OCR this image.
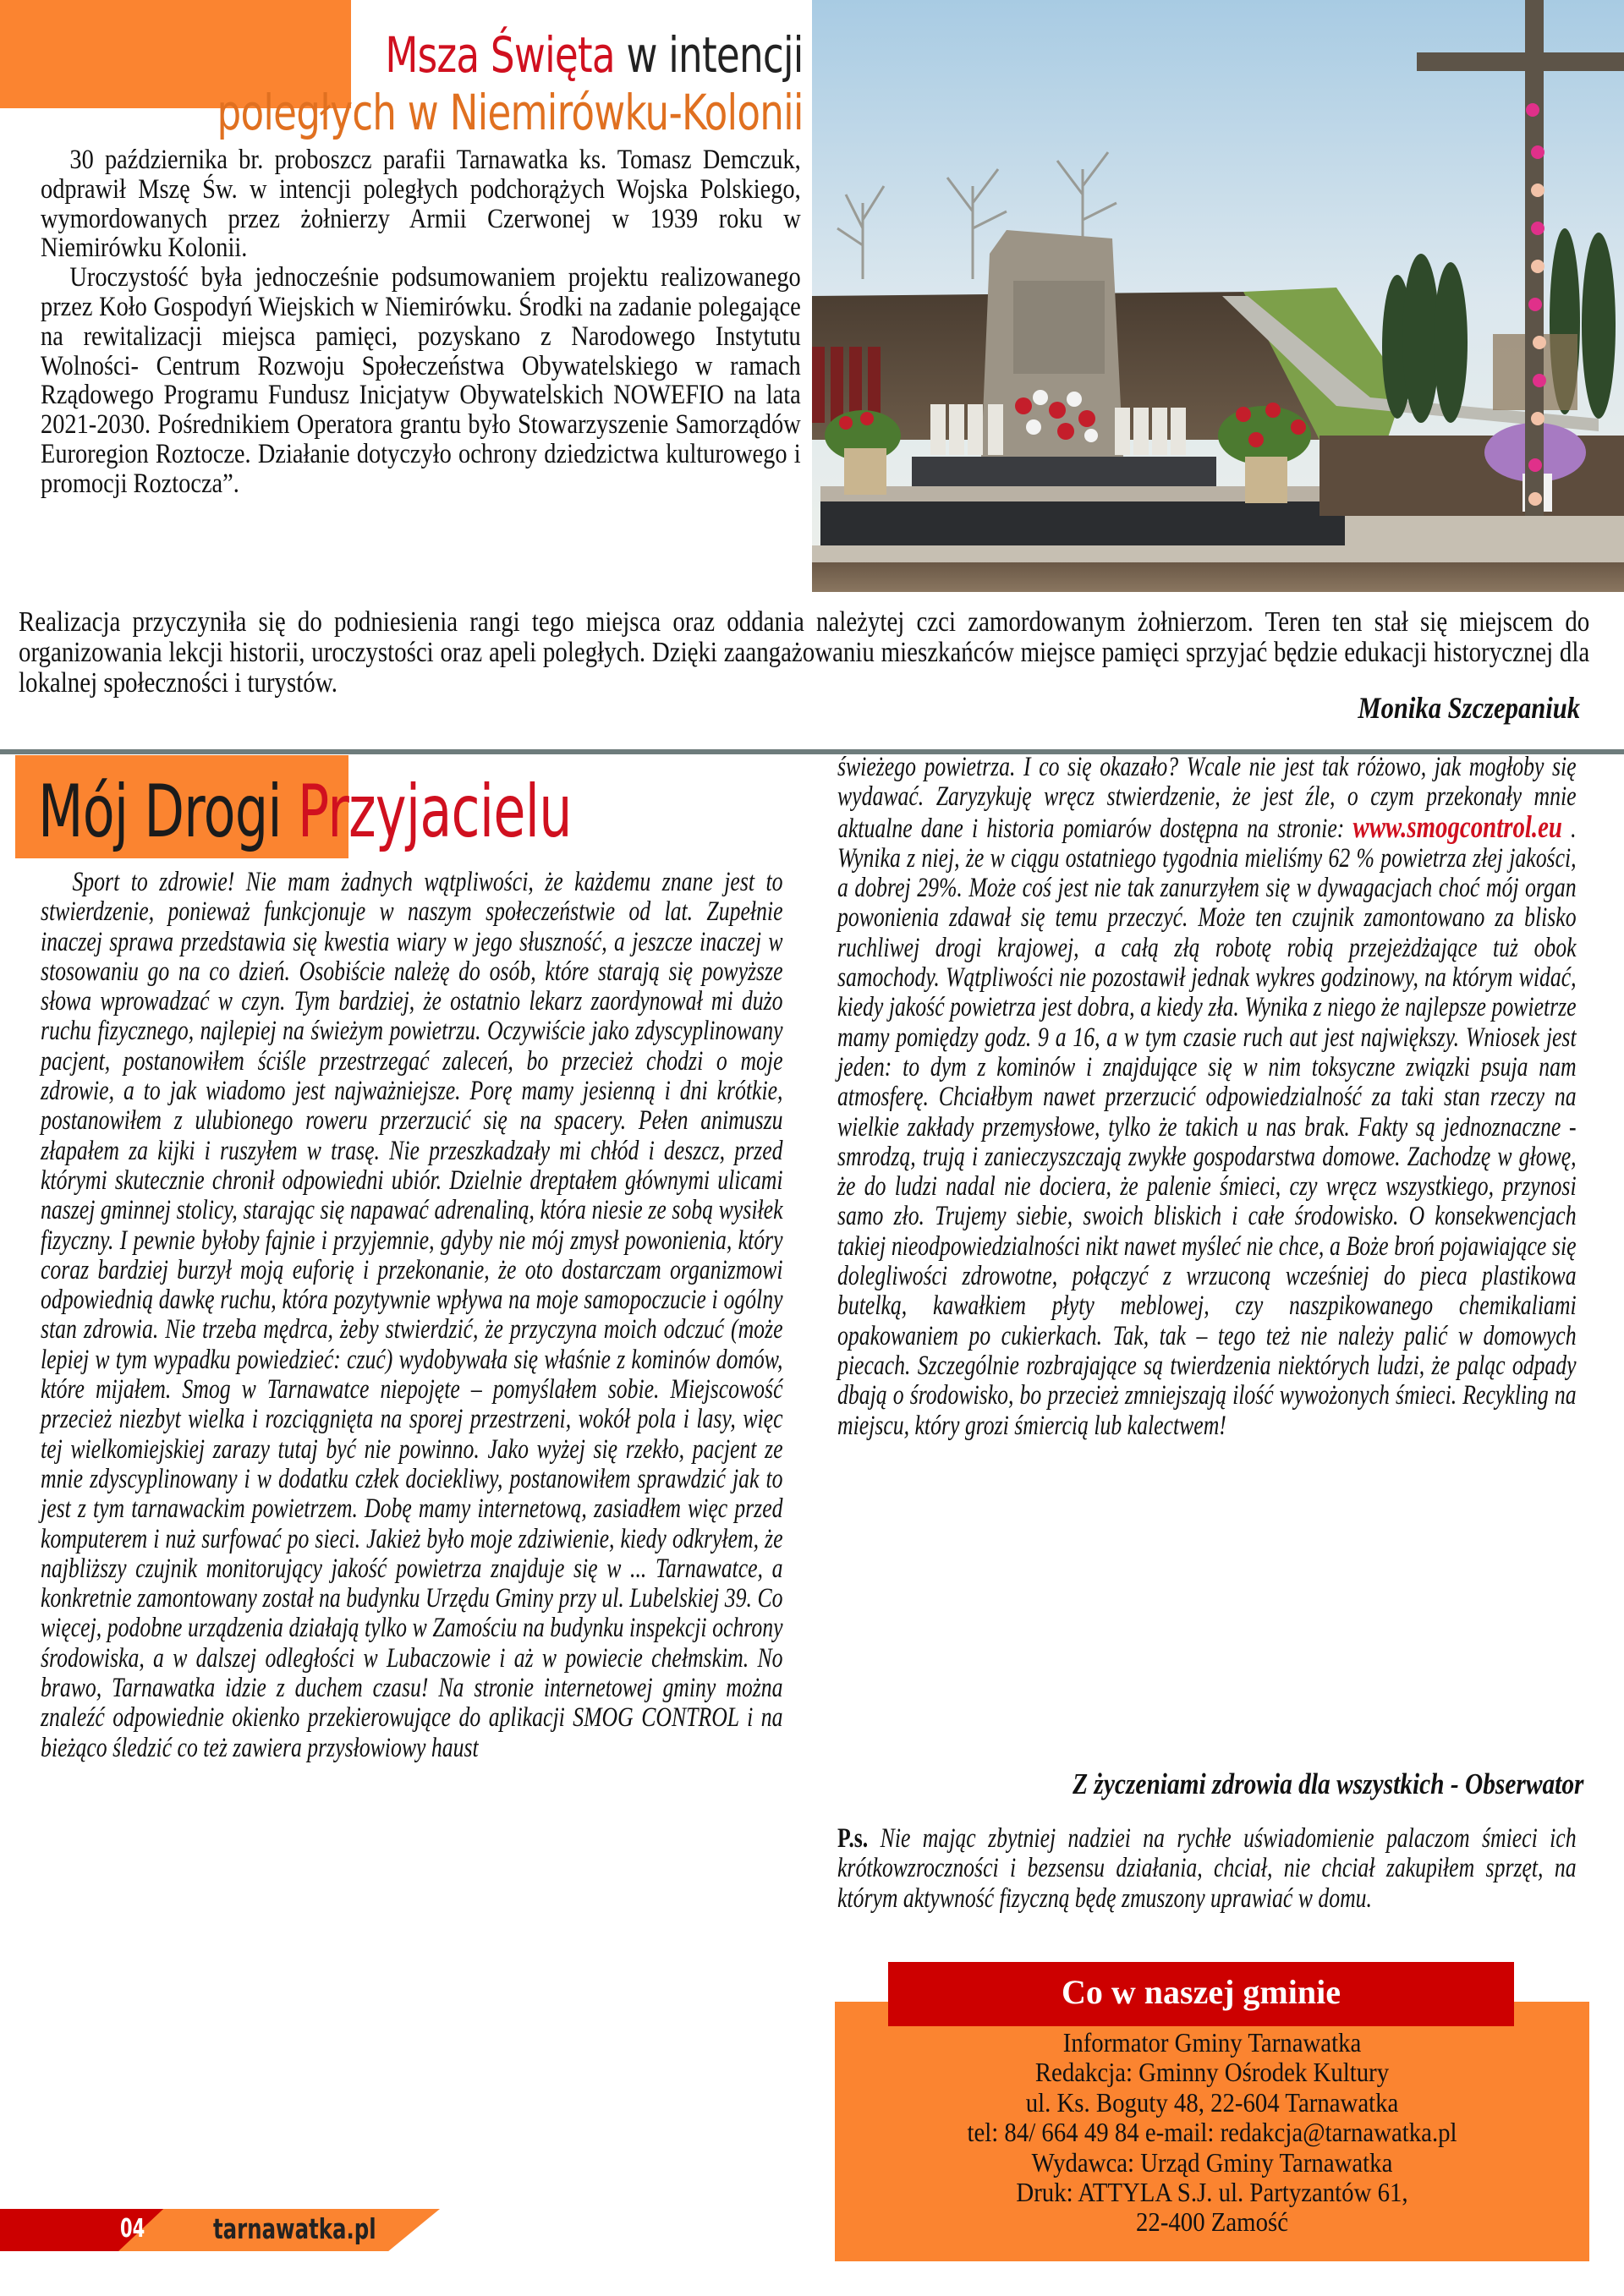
Msza Święta w intencji
poległych w Niemirówku-Kolonii

30 października br. proboszcz parafii Tarnawatka ks. Tomasz Demczuk, odprawił Mszę Św. w intencji poległych podchorążych Wojska Polskiego, wymordowanych przez żołnierzy Armii Czerwonej w 1939 roku w Niemirówku Kolonii.

Uroczystość była jednocześnie podsumowaniem projektu realizowanego przez Koło Gospodyń Wiejskich w Niemirówku. Środki na zadanie polegające na rewitalizacji miejsca pamięci, pozyskano z Narodowego Instytutu Wolności- Centrum Rozwoju Społeczeństwa Obywatelskiego w ramach Rządowego Programu Fundusz Inicjatyw Obywatelskich NOWEFIO na lata 2021-2030. Pośrednikiem Operatora grantu było Stowarzyszenie Samorządów Euroregion Roztocze. Działanie dotyczyło ochrony dziedzictwa kulturowego i promocji Roztocza”.

Realizacja przyczyniła się do podniesienia rangi tego miejsca oraz oddania należytej czci zamordowanym żołnierzom. Teren ten stał się miejscem do organizowania lekcji historii, uroczystości oraz apeli poległych. Dzięki zaangażowaniu mieszkańców miejsce pamięci sprzyjać będzie edukacji historycznej dla lokalnej społeczności i turystów.
Monika Szczepaniuk
Mój Drogi Przyjacielu

Sport to zdrowie! Nie mam żadnych wątpliwości, że każdemu znane jest to stwierdzenie, ponieważ funkcjonuje w naszym społeczeństwie od lat. Zupełnie inaczej sprawa przedstawia się kwestia wiary w jego słuszność, a jeszcze inaczej w stosowaniu go na co dzień. Osobiście należę do osób, które starają się powyższe słowa wprowadzać w czyn. Tym bardziej, że ostatnio lekarz zaordynował mi dużo ruchu fizycznego, najlepiej na świeżym powietrzu. Oczywiście jako zdyscyplinowany pacjent, postanowiłem ściśle przestrzegać zaleceń, bo przecież chodzi o moje zdrowie, a to jak wiadomo jest najważniejsze. Porę mamy jesienną i dni krótkie, postanowiłem z ulubionego roweru przerzucić się na spacery. Pełen animuszu złapałem za kijki i ruszyłem w trasę. Nie przeszkadzały mi chłód i deszcz, przed którymi skutecznie chronił odpowiedni ubiór. Dzielnie dreptałem głównymi ulicami naszej gminnej stolicy, starając się napawać adrenaliną, która niesie ze sobą wysiłek fizyczny. I pewnie byłoby fajnie i przyjemnie, gdyby nie mój zmysł powonienia, który coraz bardziej burzył moją euforię i przekonanie, że oto dostarczam organizmowi odpowiednią dawkę ruchu, która pozytywnie wpływa na moje samopoczucie i ogólny stan zdrowia. Nie trzeba mędrca, żeby stwierdzić, że przyczyna moich odczuć (może lepiej w tym wypadku powiedzieć: czuć) wydobywała się właśnie z kominów domów, które mijałem. Smog w Tarnawatce niepojęte – pomyślałem sobie. Miejscowość przecież niezbyt wielka i rozciągnięta na sporej przestrzeni, wokół pola i lasy, więc tej wielkomiejskiej zarazy tutaj być nie powinno. Jako wyżej się rzekło, pacjent ze mnie zdyscyplinowany i w dodatku człek dociekliwy, postanowiłem sprawdzić jak to jest z tym tarnawackim powietrzem. Dobę mamy internetową, zasiadłem więc przed komputerem i nuż surfować po sieci. Jakież było moje zdziwienie, kiedy odkryłem, że najbliższy czujnik monitorujący jakość powietrza znajduje się w ... Tarnawatce, a konkretnie zamontowany został na budynku Urzędu Gminy przy ul. Lubelskiej 39. Co więcej, podobne urządzenia działają tylko w Zamościu na budynku inspekcji ochrony środowiska, a w dalszej odległości w Lubaczowie i aż w powiecie chełmskim. No brawo, Tarnawatka idzie z duchem czasu! Na stronie internetowej gminy można znaleźć odpowiednie okienko przekierowujące do aplikacji SMOG CONTROL i na bieżąco śledzić co też zawiera przysłowiowy haust

świeżego powietrza. I co się okazało? Wcale nie jest tak różowo, jak mogłoby się wydawać. Zaryzykuję wręcz stwierdzenie, że jest źle, o czym przekonały mnie aktualne dane i historia pomiarów dostępna na stronie: www.smogcontrol.eu . Wynika z niej, że w ciągu ostatniego tygodnia mieliśmy 62 % powietrza złej jakości, a dobrej 29%. Może coś jest nie tak zanurzyłem się w dywagacjach choć mój organ powonienia zdawał się temu przeczyć. Może ten czujnik zamontowano za blisko ruchliwej drogi krajowej, a całą złą robotę robią przejeżdżające tuż obok samochody. Wątpliwości nie pozostawił jednak wykres godzinowy, na którym widać, kiedy jakość powietrza jest dobra, a kiedy zła. Wynika z niego że najlepsze powietrze mamy pomiędzy godz. 9 a 16, a w tym czasie ruch aut jest największy. Wniosek jest jeden: to dym z kominów i znajdujące się w nim toksyczne związki psuja nam atmosferę. Chciałbym nawet przerzucić odpowiedzialność za taki stan rzeczy na wielkie zakłady przemysłowe, tylko że takich u nas brak. Fakty są jednoznaczne - smrodzą, trują i zanieczyszczają zwykłe gospodarstwa domowe. Zachodzę w głowę, że do ludzi nadal nie dociera, że palenie śmieci, czy wręcz wszystkiego, przynosi samo zło. Trujemy siebie, swoich bliskich i całe środowisko. O konsekwencjach takiej nieodpowiedzialności nikt nawet myśleć nie chce, a Boże broń pojawiające się dolegliwości zdrowotne, połączyć z wrzuconą wcześniej do pieca plastikowa butelką, kawałkiem płyty meblowej, czy naszpikowanego chemikaliami opakowaniem po cukierkach. Tak, tak – tego też nie należy palić w domowych piecach. Szczególnie rozbrajające są twierdzenia niektórych ludzi, że paląc odpady dbają o środowisko, bo przecież zmniejszają ilość wywożonych śmieci. Recykling na miejscu, który grozi śmiercią lub kalectwem!

Z życzeniami zdrowia dla wszystkich - Obserwator
P.s. Nie mając zbytniej nadziei na rychłe uświadomienie palaczom śmieci ich krótkowzroczności i bezsensu działania, chciał, nie chciał zakupiłem sprzęt, na którym aktywność fizyczną będę zmuszony uprawiać w domu.
Co w naszej gminie
Informator Gminy Tarnawatka
Redakcja: Gminny Ośrodek Kultury
ul. Ks. Boguty 48, 22-604 Tarnawatka
tel: 84/ 664 49 84 e-mail: redakcja@tarnawatka.pl
Wydawca: Urząd Gminy Tarnawatka
Druk: ATTYLA S.J. ul. Partyzantów 61,
22-400 Zamość
04 tarnawatka.pl
